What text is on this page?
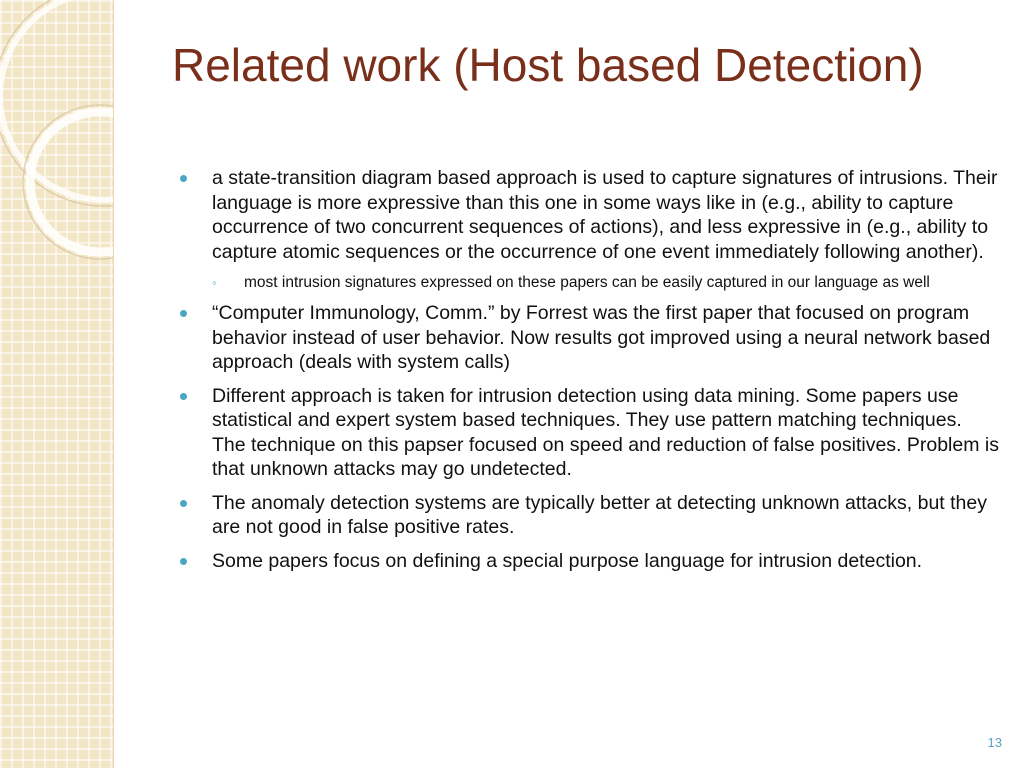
Related work (Host based Detection)
a state-transition diagram based approach is used to capture signatures of intrusions. Their language is more expressive than this one in some ways like in (e.g., ability to capture occurrence of two concurrent sequences of actions), and less expressive in (e.g., ability to capture atomic sequences or the occurrence of one event immediately following another).
◦ most intrusion signatures expressed on these papers can be easily captured in our language as well
“Computer Immunology, Comm.” by Forrest was the first paper that focused on program behavior instead of user behavior. Now results got improved using a neural network based approach (deals with system calls)
Different approach is taken for intrusion detection using data mining. Some papers use statistical and expert system based techniques. They use pattern matching techniques. The technique on this papser focused on speed and reduction of false positives. Problem is that unknown attacks may go undetected.
The anomaly detection systems are typically better at detecting unknown attacks, but they are not good in false positive rates.
Some papers focus on defining a special purpose language for intrusion detection.
13
